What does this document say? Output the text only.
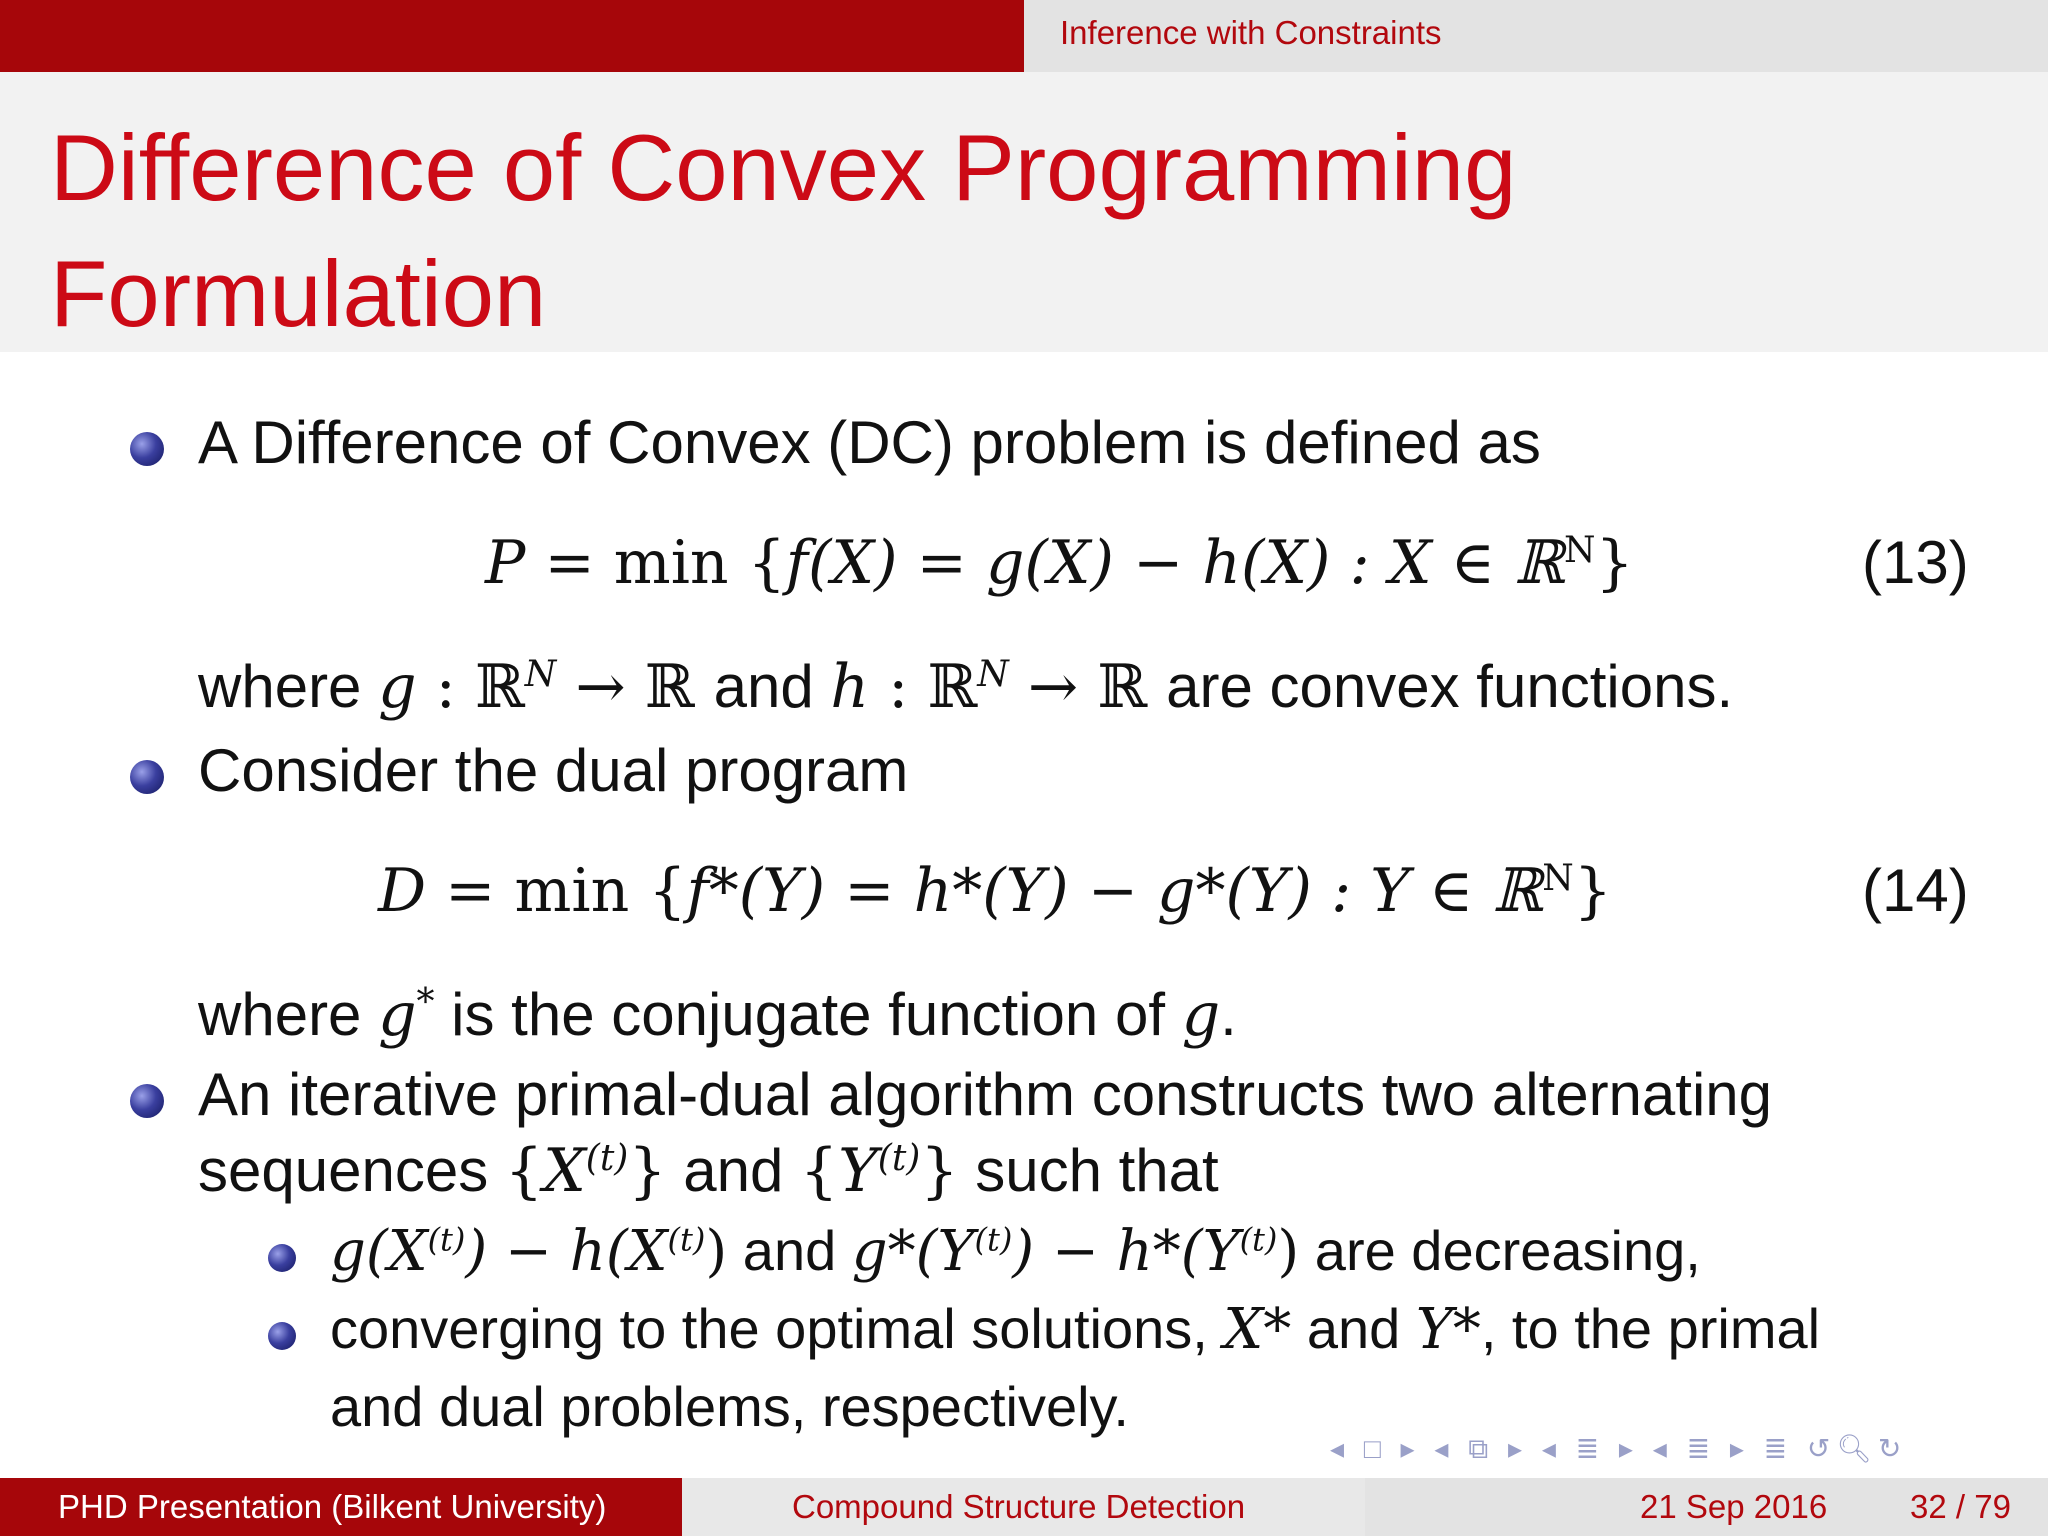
Inference with Constraints
Difference of Convex Programming
Formulation
A Difference of Convex (DC) problem is defined as
P = min {f(X) = g(X) − h(X) : X ∈ ℝ$^N$}	(13)
where g : ℝ$^N$ → ℝ and h : ℝ$^N$ → ℝ are convex functions.
Consider the dual program
D = min {f*(Y) = h*(Y) − g*(Y) : Y ∈ ℝ$^N$}	(14)
where g* is the conjugate function of g.
An iterative primal-dual algorithm constructs two alternating
sequences $\{X^{(t)}\}$ and $\{Y^{(t)}\}$ such that
$g(X^{(t)}) - h(X^{(t)})$ and $g*(Y^{(t)}) - h*(Y^{(t)})$ are decreasing,
converging to the optimal solutions, X* and Y*, to the primal
and dual problems, respectively.
◂ □ ▸ ◂ ⧉ ▸ ◂ ≣ ▸ ◂ ≣ ▸ ≣ ↺🔍︎↻
PHD Presentation (Bilkent University)	Compound Structure Detection	21 Sep 2016	32 / 79
